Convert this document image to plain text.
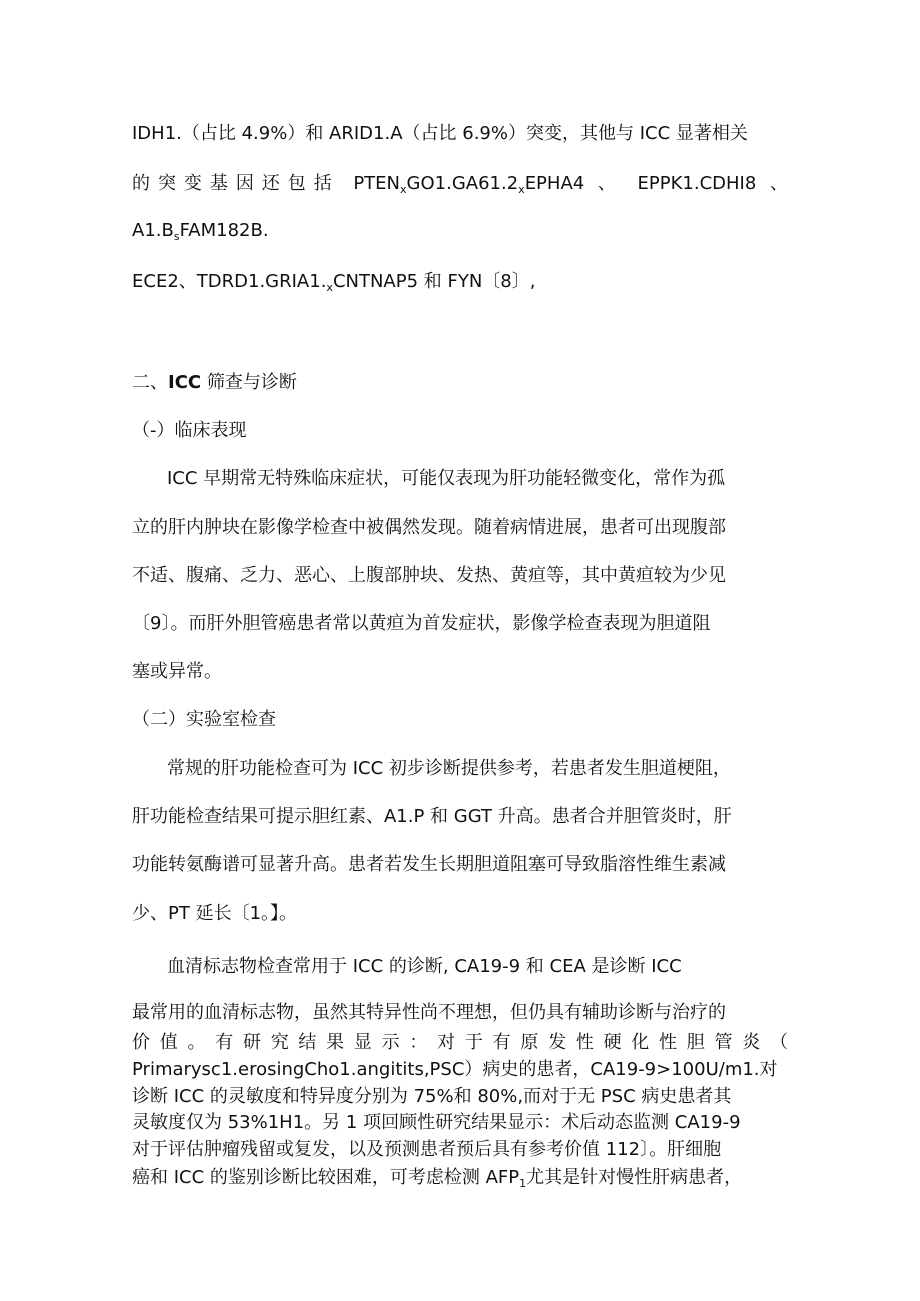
IDH1.（占比 4.9%）和 ARID1.A（占比 6.9%）突变，其他与 ICC 显著相关

的突变基因还包括 $PTEN_xGO1.GA61.2_xEPHA4$ 、 EPPK1.CDHI8 、

$A1.B_sFAM182B$.

ECE2、$TDRD1.GRIA1._xCNTNAP5$ 和 FYN〔8〕,

二、ICC 筛查与诊断

（-）临床表现

ICC 早期常无特殊临床症状，可能仅表现为肝功能轻微变化，常作为孤

立的肝内肿块在影像学检查中被偶然发现。随着病情进展，患者可出现腹部

不适、腹痛、乏力、恶心、上腹部肿块、发热、黄疸等，其中黄疸较为少见

〔9〕。而肝外胆管癌患者常以黄疸为首发症状，影像学检查表现为胆道阻

塞或异常。

（二）实验室检查

常规的肝功能检查可为 ICC 初步诊断提供参考，若患者发生胆道梗阻，

肝功能检查结果可提示胆红素、A1.P 和 GGT 升高。患者合并胆管炎时，肝

功能转氨酶谱可显著升高。患者若发生长期胆道阻塞可导致脂溶性维生素减

少、PT 延长〔1。】。

血清标志物检查常用于 ICC 的诊断, CA19-9 和 CEA 是诊断 ICC

最常用的血清标志物，虽然其特异性尚不理想，但仍具有辅助诊断与治疗的

价值。有研究结果显示：对于有原发性硬化性胆管炎（

Primarysc1.erosingCho1.angitits,PSC）病史的患者，CA19-9>100U/m1.对

诊断 ICC 的灵敏度和特异度分别为 75%和 80%,而对于无 PSC 病史患者其

灵敏度仅为 53%1H1。另 1 项回顾性研究结果显示：术后动态监测 CA19-9

对于评估肿瘤残留或复发，以及预测患者预后具有参考价值 112〕。肝细胞

癌和 ICC 的鉴别诊断比较困难，可考虑检测 $AFP_1$尤其是针对慢性肝病患者，
